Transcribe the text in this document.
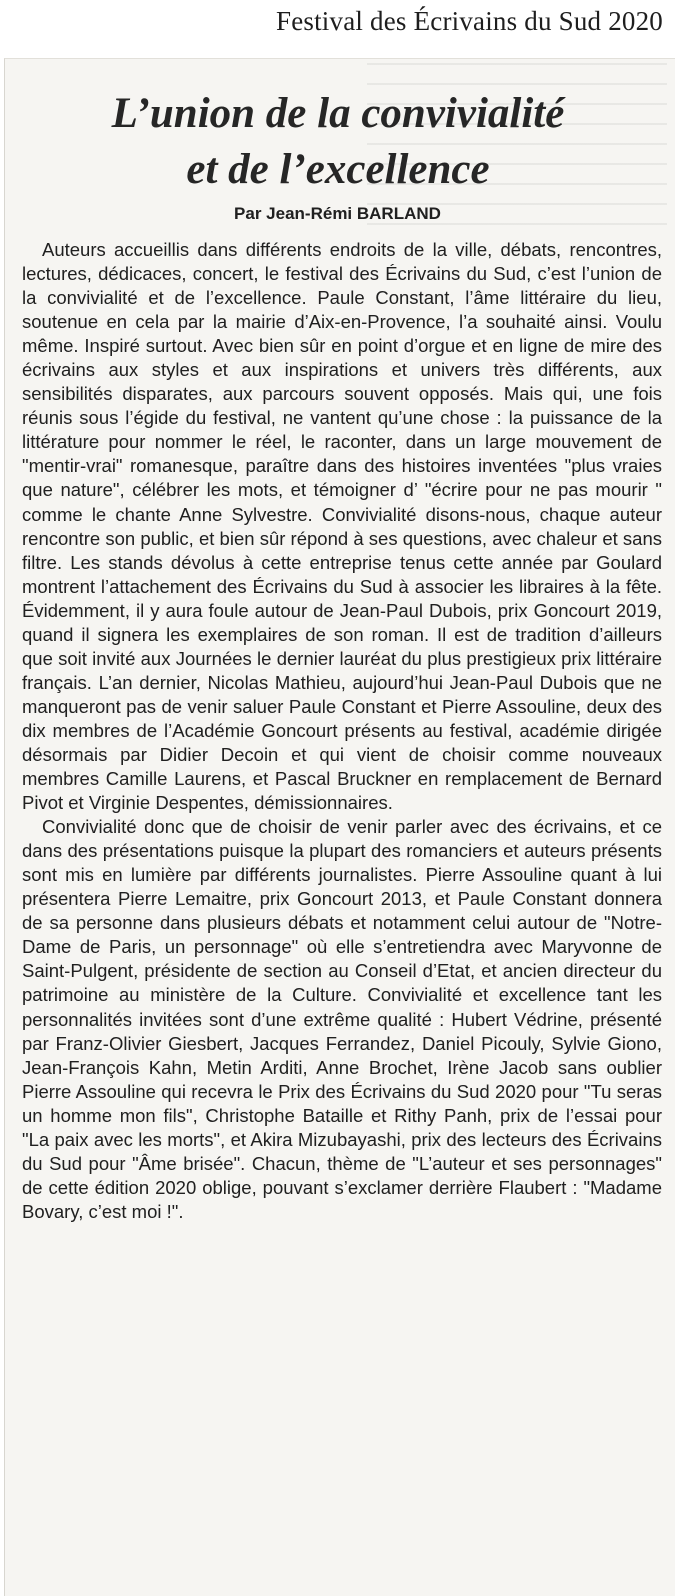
Festival des Écrivains du Sud 2020
L’union de la convivialité
et de l’excellence
Par Jean-Rémi BARLAND

Auteurs accueillis dans différents endroits de la ville, débats, rencontres, lectures, dédicaces, concert, le festival des Écrivains du Sud, c’est l’union de la convivialité et de l’excellence. Paule Constant, l’âme littéraire du lieu, soutenue en cela par la mairie d’Aix-en-Provence, l’a souhaité ainsi. Voulu même. Inspiré surtout. Avec bien sûr en point d’orgue et en ligne de mire des écrivains aux styles et aux inspirations et univers très différents, aux sensibilités disparates, aux parcours souvent opposés. Mais qui, une fois réunis sous l’égide du festival, ne vantent qu’une chose : la puissance de la littérature pour nommer le réel, le raconter, dans un large mouvement de "mentir-vrai" romanesque, paraître dans des histoires inventées "plus vraies que nature", célébrer les mots, et témoigner d’ "écrire pour ne pas mourir " comme le chante Anne Sylvestre. Convivialité disons-nous, chaque auteur rencontre son public, et bien sûr répond à ses questions, avec chaleur et sans filtre. Les stands dévolus à cette entreprise tenus cette année par Goulard montrent l’attachement des Écrivains du Sud à associer les libraires à la fête. Évidemment, il y aura foule autour de Jean-Paul Dubois, prix Goncourt 2019, quand il signera les exemplaires de son roman. Il est de tradition d’ailleurs que soit invité aux Journées le dernier lauréat du plus prestigieux prix littéraire français. L’an dernier, Nicolas Mathieu, aujourd’hui Jean-Paul Dubois que ne manqueront pas de venir saluer Paule Constant et Pierre Assouline, deux des dix membres de l’Académie Goncourt présents au festival, académie dirigée désormais par Didier Decoin et qui vient de choisir comme nouveaux membres Camille Laurens, et Pascal Bruckner en remplacement de Bernard Pivot et Virginie Despentes, démissionnaires.

Convivialité donc que de choisir de venir parler avec des écrivains, et ce dans des présentations puisque la plupart des romanciers et auteurs présents sont mis en lumière par différents journalistes. Pierre Assouline quant à lui présentera Pierre Lemaitre, prix Goncourt 2013, et Paule Constant donnera de sa personne dans plusieurs débats et notamment celui autour de "Notre-Dame de Paris, un personnage" où elle s’entretiendra avec Maryvonne de Saint-Pulgent, présidente de section au Conseil d’Etat, et ancien directeur du patrimoine au ministère de la Culture. Convivialité et excellence tant les personnalités invitées sont d’une extrême qualité : Hubert Védrine, présenté par Franz-Olivier Giesbert, Jacques Ferrandez, Daniel Picouly, Sylvie Giono, Jean-François Kahn, Metin Arditi, Anne Brochet, Irène Jacob sans oublier Pierre Assouline qui recevra le Prix des Écrivains du Sud 2020 pour "Tu seras un homme mon fils", Christophe Bataille et Rithy Panh, prix de l’essai pour "La paix avec les morts", et Akira Mizubayashi, prix des lecteurs des Écrivains du Sud pour "Âme brisée". Chacun, thème de "L’auteur et ses personnages" de cette édition 2020 oblige, pouvant s’exclamer derrière Flaubert : "Madame Bovary, c’est moi !".
